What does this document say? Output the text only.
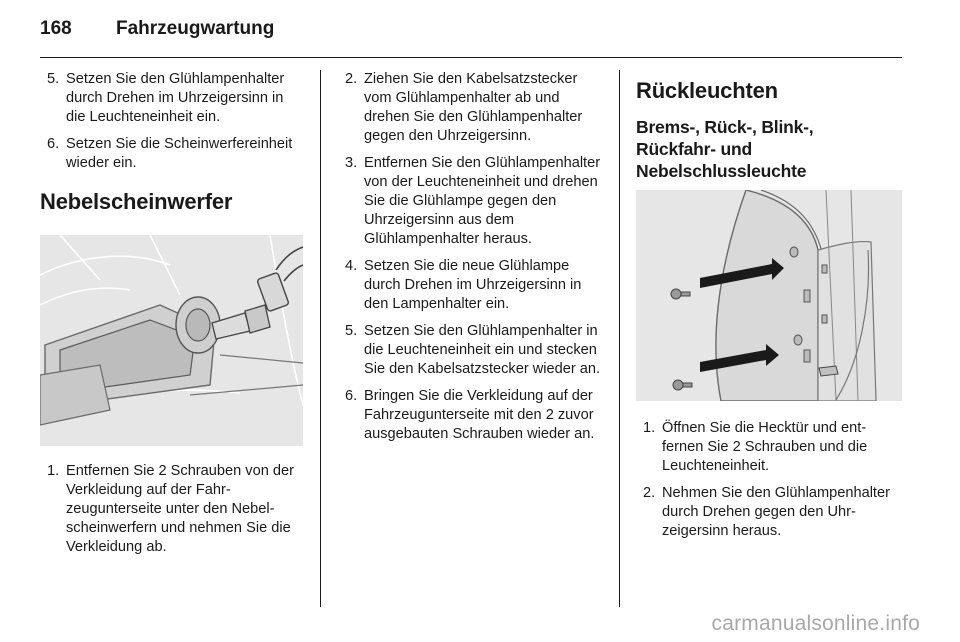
168	Fahrzeugwartung
5. Setzen Sie den Glühlampenhalter durch Drehen im Uhrzeigersinn in die Leuchteneinheit ein.
6. Setzen Sie die Scheinwerfereinheit wieder ein.
Nebelscheinwerfer
1. Entfernen Sie 2 Schrauben von der Verkleidung auf der Fahrzeugunterseite unter den Nebelscheinwerfern und nehmen Sie die Verkleidung ab.
2. Ziehen Sie den Kabelsatzstecker vom Glühlampenhalter ab und drehen Sie den Glühlampenhalter gegen den Uhrzeigersinn.
3. Entfernen Sie den Glühlampenhalter von der Leuchteneinheit und drehen Sie die Glühlampe gegen den Uhrzeigersinn aus dem Glühlampenhalter heraus.
4. Setzen Sie die neue Glühlampe durch Drehen im Uhrzeigersinn in den Lampenhalter ein.
5. Setzen Sie den Glühlampenhalter in die Leuchteneinheit ein und stecken Sie den Kabelsatzstecker wieder an.
6. Bringen Sie die Verkleidung auf der Fahrzeugunterseite mit den 2 zuvor ausgebauten Schrauben wieder an.
Rückleuchten
Brems-, Rück-, Blink-, Rückfahr- und Nebelschlussleuchte
1. Öffnen Sie die Hecktür und entfernen Sie 2 Schrauben und die Leuchteneinheit.
2. Nehmen Sie den Glühlampenhalter durch Drehen gegen den Uhrzeigersinn heraus.
carmanualsonline.info
